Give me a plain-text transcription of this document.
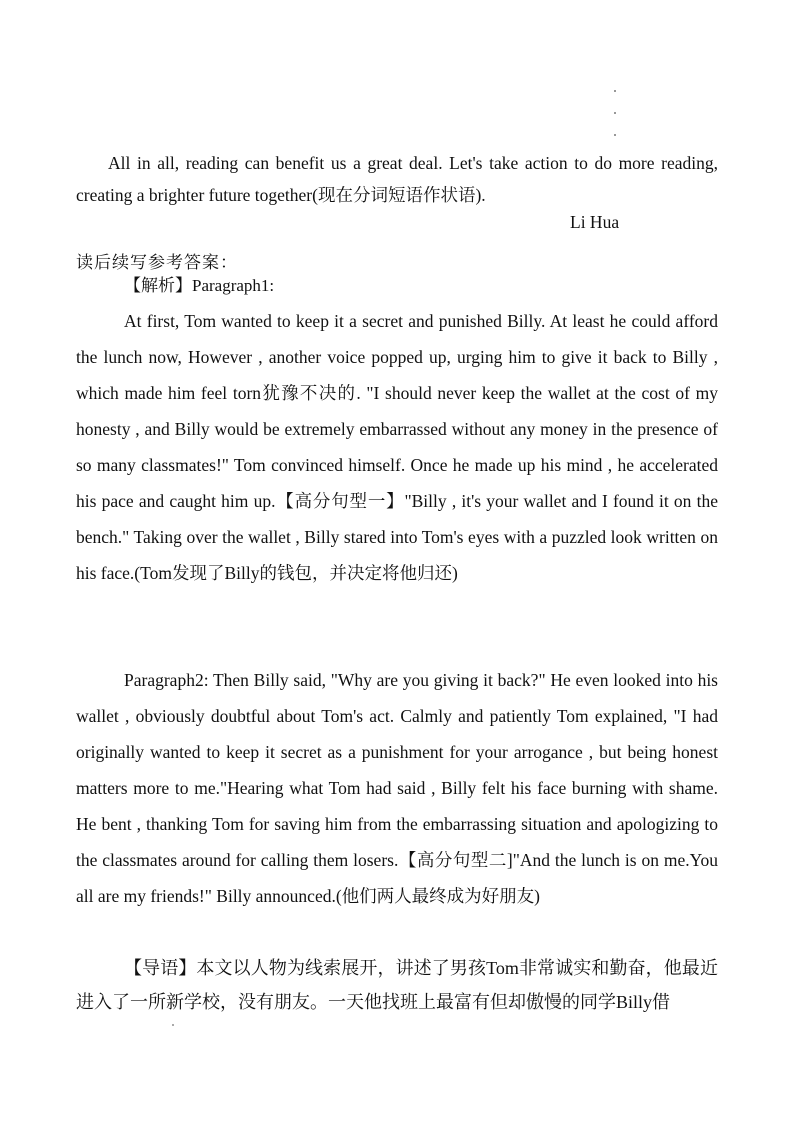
All in all, reading can benefit us a great deal. Let's take action to do more reading, creating a brighter future together(现在分词短语作状语).

Li Hua
读后续写参考答案：
【解析】Paragraph1:

At first, Tom wanted to keep it a secret and punished Billy. At least he could afford the lunch now, However , another voice popped up, urging him to give it back to Billy , which made him feel torn犹豫不决的. "I should never keep the wallet at the cost of my honesty , and Billy would be extremely embarrassed without any money in the presence of so many classmates!" Tom convinced himself. Once he made up his mind , he accelerated his pace and caught him up.【高分句型一】"Billy , it's your wallet and I found it on the bench." Taking over the wallet , Billy stared into Tom's eyes with a puzzled look written on his face.(Tom发现了Billy的钱包，并决定将他归还)

Paragraph2: Then Billy said, "Why are you giving it back?" He even looked into his wallet , obviously doubtful about Tom's act. Calmly and patiently Tom explained, "I had originally wanted to keep it secret as a punishment for your arrogance , but being honest matters more to me."Hearing what Tom had said , Billy felt his face burning with shame. He bent , thanking Tom for saving him from the embarrassing situation and apologizing to the classmates around for calling them losers.【高分句型二]"And the lunch is on me.You all are my friends!" Billy announced.(他们两人最终成为好朋友)

【导语】本文以人物为线索展开，讲述了男孩Tom非常诚实和勤奋，他最近进入了一所新学校，没有朋友。一天他找班上最富有但却傲慢的同学Billy借
